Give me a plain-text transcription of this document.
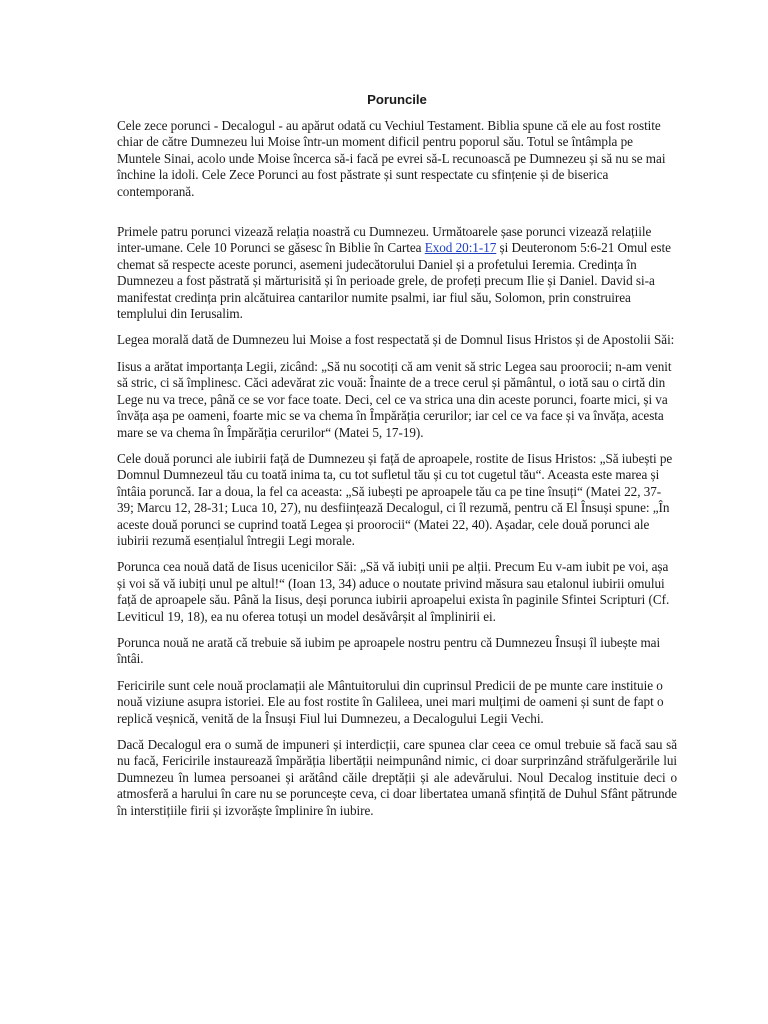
Poruncile

Cele zece porunci - Decalogul - au apărut odată cu Vechiul Testament. Biblia spune că ele au fost rostite chiar de către Dumnezeu lui Moise într-un moment dificil pentru poporul său. Totul se întâmpla pe Muntele Sinai, acolo unde Moise încerca să-i facă pe evrei să-L recunoască pe Dumnezeu și să nu se mai închine la idoli. Cele Zece Porunci au fost păstrate și sunt respectate cu sfințenie și de biserica contemporană.

Primele patru porunci vizează relația noastră cu Dumnezeu. Următoarele șase porunci vizează relațiile inter-umane. Cele 10 Porunci se găsesc în Biblie în Cartea Exod 20:1-17 și Deuteronom 5:6-21 Omul este chemat să respecte aceste porunci, asemeni judecătorului Daniel și a profetului Ieremia. Credința în Dumnezeu a fost păstrată și mărturisită și în perioade grele, de profeți precum Ilie și Daniel. David si-a manifestat credința prin alcătuirea cantarilor numite psalmi, iar fiul său, Solomon, prin construirea templului din Ierusalim.

Legea morală dată de Dumnezeu lui Moise a fost respectată și de Domnul Iisus Hristos și de Apostolii Săi:

Iisus a arătat importanța Legii, zicând: „Să nu socotiți că am venit să stric Legea sau proorocii; n-am venit să stric, ci să împlinesc. Căci adevărat zic vouă: Înainte de a trece cerul și pământul, o iotă sau o cirtă din Lege nu va trece, până ce se vor face toate. Deci, cel ce va strica una din aceste porunci, foarte mici, și va învăța așa pe oameni, foarte mic se va chema în Împărăția cerurilor; iar cel ce va face și va învăța, acesta mare se va chema în Împărăția cerurilor“ (Matei 5, 17-19).

Cele două porunci ale iubirii față de Dumnezeu și față de aproapele, rostite de Iisus Hristos: „Să iubești pe Domnul Dumnezeul tău cu toată inima ta, cu tot sufletul tău și cu tot cugetul tău“. Aceasta este marea și întâia poruncă. Iar a doua, la fel ca aceasta: „Să iubești pe aproapele tău ca pe tine însuți“ (Matei 22, 37-39; Marcu 12, 28-31; Luca 10, 27), nu desființează Decalogul, ci îl rezumă, pentru că El Însuși spune: „În aceste două porunci se cuprind toată Legea și proorocii“ (Matei 22, 40). Așadar, cele două porunci ale iubirii rezumă esențialul întregii Legi morale.

Porunca cea nouă dată de Iisus ucenicilor Săi: „Să vă iubiți unii pe alții. Precum Eu v-am iubit pe voi, așa și voi să vă iubiți unul pe altul!“ (Ioan 13, 34) aduce o noutate privind măsura sau etalonul iubirii omului față de aproapele său. Până la Iisus, deși porunca iubirii aproapelui exista în paginile Sfintei Scripturi (Cf. Leviticul 19, 18), ea nu oferea totuși un model desăvârșit al împlinirii ei.

Porunca nouă ne arată că trebuie să iubim pe aproapele nostru pentru că Dumnezeu Însuși îl iubește mai întâi.

Fericirile sunt cele nouă proclamații ale Mântuitorului din cuprinsul Predicii de pe munte care instituie o nouă viziune asupra istoriei. Ele au fost rostite în Galileea, unei mari mulțimi de oameni și sunt de fapt o replică veșnică, venită de la Însuși Fiul lui Dumnezeu, a Decalogului Legii Vechi.

Dacă Decalogul era o sumă de impuneri și interdicții, care spunea clar ceea ce omul trebuie să facă sau să nu facă, Fericirile instaurează împărăția libertății neimpunând nimic, ci doar surprinzând străfulgerările lui Dumnezeu în lumea persoanei și arătând căile dreptății și ale adevărului. Noul Decalog instituie deci o atmosferă a harului în care nu se poruncește ceva, ci doar libertatea umană sfințită de Duhul Sfânt pătrunde în interstițiile firii și izvorăște împlinire în iubire.
